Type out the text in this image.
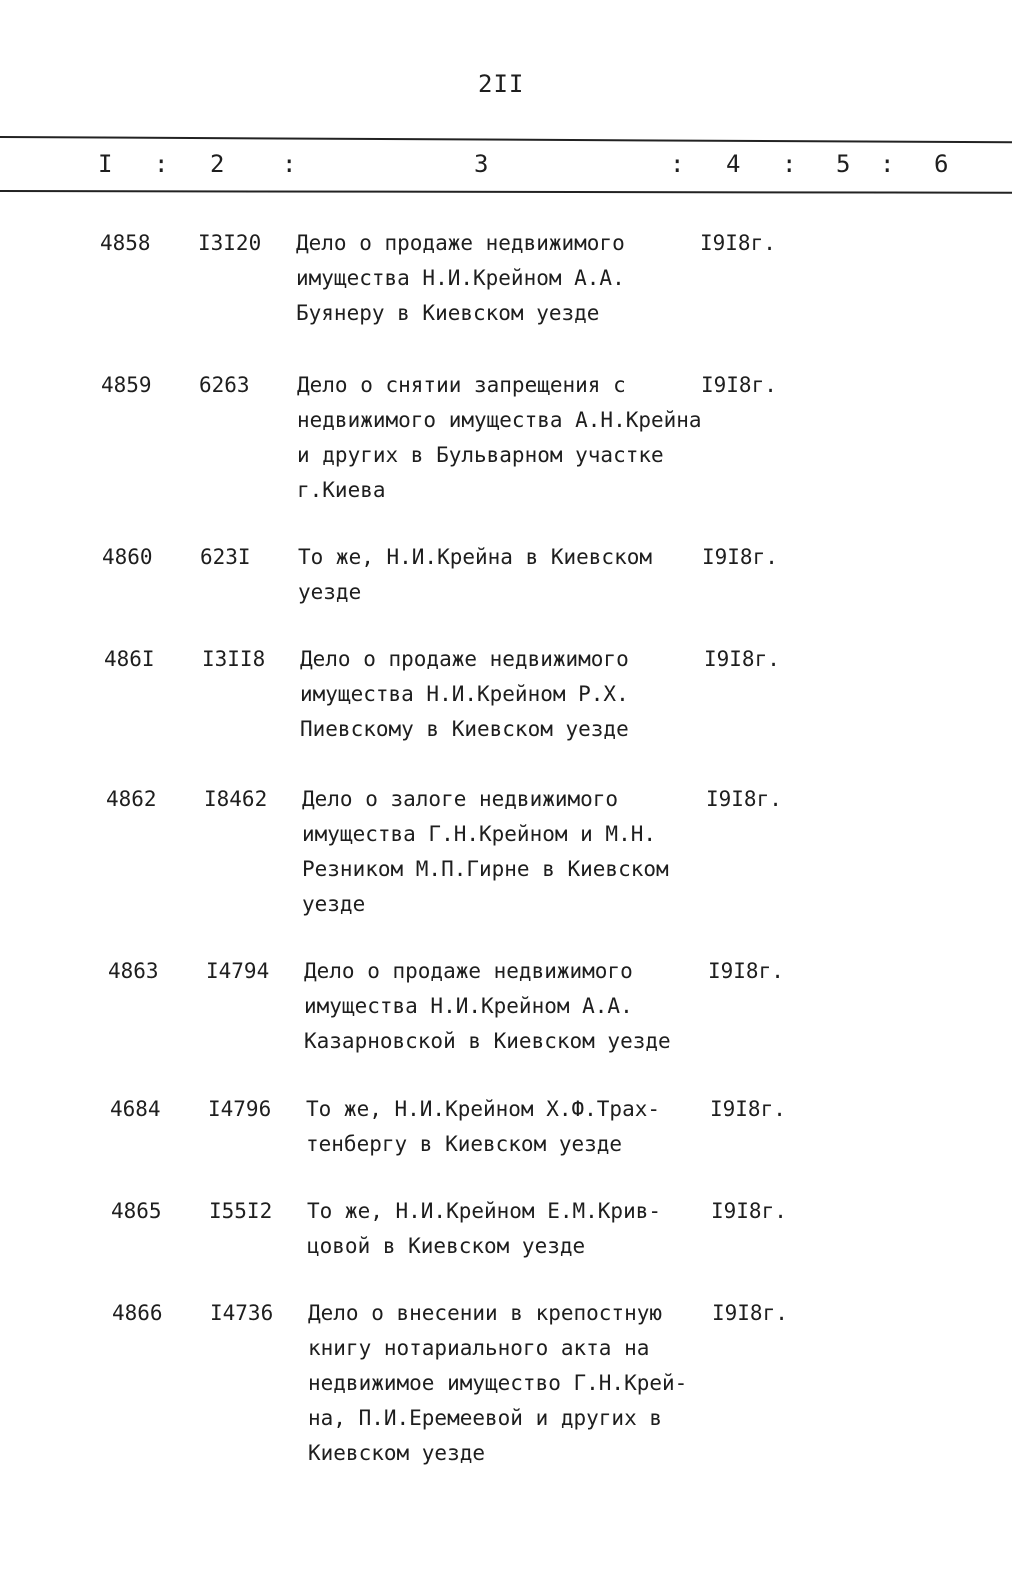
2II
I : 2 :	3	: 4 : 5 : 6
4858	I3I20	Дело о продаже недвижимого
имущества Н.И.Крейном А.А.
Буянеру в Киевском уезде
I9I8г.
4859	6263	Дело о снятии запрещения с
недвижимого имущества А.Н.Крейна
и других в Бульварном участке
г.Киева
I9I8г.
4860	623I	То же, Н.И.Крейна в Киевском
уезде
I9I8г.
486I	I3II8	Дело о продаже недвижимого
имущества Н.И.Крейном Р.Х.
Пиевскому в Киевском уезде
I9I8г.
4862	I8462	Дело о залоге недвижимого
имущества Г.Н.Крейном и М.Н.
Резником М.П.Гирне в Киевском
уезде
I9I8г.
4863	I4794	Дело о продаже недвижимого
имущества Н.И.Крейном А.А.
Казарновской в Киевском уезде
I9I8г.
4684	I4796	То же, Н.И.Крейном Х.Ф.Трах-
тенбергу в Киевском уезде
I9I8г.
4865	I55I2	То же, Н.И.Крейном Е.М.Крив-
цовой в Киевском уезде
I9I8г.
4866	I4736	Дело о внесении в крепостную
книгу нотариального акта на
недвижимое имущество Г.Н.Крей-
на, П.И.Еремеевой и других в
Киевском уезде
I9I8г.
